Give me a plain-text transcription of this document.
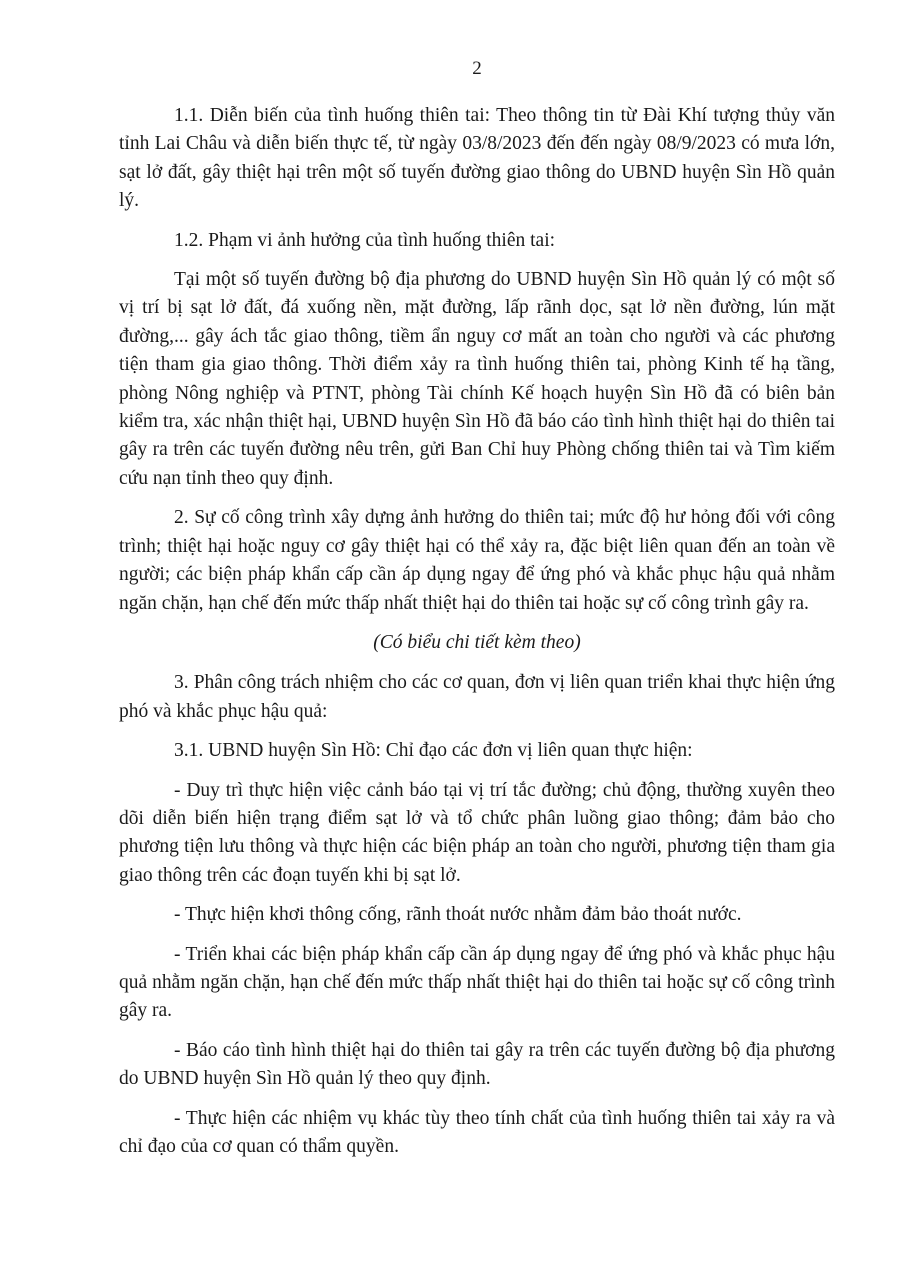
2

1.1. Diễn biến của tình huống thiên tai: Theo thông tin từ Đài Khí tượng thủy văn tỉnh Lai Châu và diễn biến thực tế, từ ngày 03/8/2023 đến đến ngày 08/9/2023 có mưa lớn, sạt lở đất, gây thiệt hại trên một số tuyến đường giao thông do UBND huyện Sìn Hồ quản lý.

1.2. Phạm vi ảnh hưởng của tình huống thiên tai:

Tại một số tuyến đường bộ địa phương do UBND huyện Sìn Hồ quản lý có một số vị trí bị sạt lở đất, đá xuống nền, mặt đường, lấp rãnh dọc, sạt lở nền đường, lún mặt đường,... gây ách tắc giao thông, tiềm ẩn nguy cơ mất an toàn cho người và các phương tiện tham gia giao thông. Thời điểm xảy ra tình huống thiên tai, phòng Kinh tế hạ tầng, phòng Nông nghiệp và PTNT, phòng Tài chính Kế hoạch huyện Sìn Hồ đã có biên bản kiểm tra, xác nhận thiệt hại, UBND huyện Sìn Hồ đã báo cáo tình hình thiệt hại do thiên tai gây ra trên các tuyến đường nêu trên, gửi Ban Chỉ huy Phòng chống thiên tai và Tìm kiếm cứu nạn tỉnh theo quy định.

2. Sự cố công trình xây dựng ảnh hưởng do thiên tai; mức độ hư hỏng đối với công trình; thiệt hại hoặc nguy cơ gây thiệt hại có thể xảy ra, đặc biệt liên quan đến an toàn về người; các biện pháp khẩn cấp cần áp dụng ngay để ứng phó và khắc phục hậu quả nhằm ngăn chặn, hạn chế đến mức thấp nhất thiệt hại do thiên tai hoặc sự cố công trình gây ra.

(Có biểu chi tiết kèm theo)

3. Phân công trách nhiệm cho các cơ quan, đơn vị liên quan triển khai thực hiện ứng phó và khắc phục hậu quả:

3.1. UBND huyện Sìn Hồ: Chỉ đạo các đơn vị liên quan thực hiện:

- Duy trì thực hiện việc cảnh báo tại vị trí tắc đường; chủ động, thường xuyên theo dõi diễn biến hiện trạng điểm sạt lở và tổ chức phân luồng giao thông; đảm bảo cho phương tiện lưu thông và thực hiện các biện pháp an toàn cho người, phương tiện tham gia giao thông trên các đoạn tuyến khi bị sạt lở.

- Thực hiện khơi thông cống, rãnh thoát nước nhằm đảm bảo thoát nước.

- Triển khai các biện pháp khẩn cấp cần áp dụng ngay để ứng phó và khắc phục hậu quả nhằm ngăn chặn, hạn chế đến mức thấp nhất thiệt hại do thiên tai hoặc sự cố công trình gây ra.

- Báo cáo tình hình thiệt hại do thiên tai gây ra trên các tuyến đường bộ địa phương do UBND huyện Sìn Hồ quản lý theo quy định.

- Thực hiện các nhiệm vụ khác tùy theo tính chất của tình huống thiên tai xảy ra và chỉ đạo của cơ quan có thẩm quyền.
